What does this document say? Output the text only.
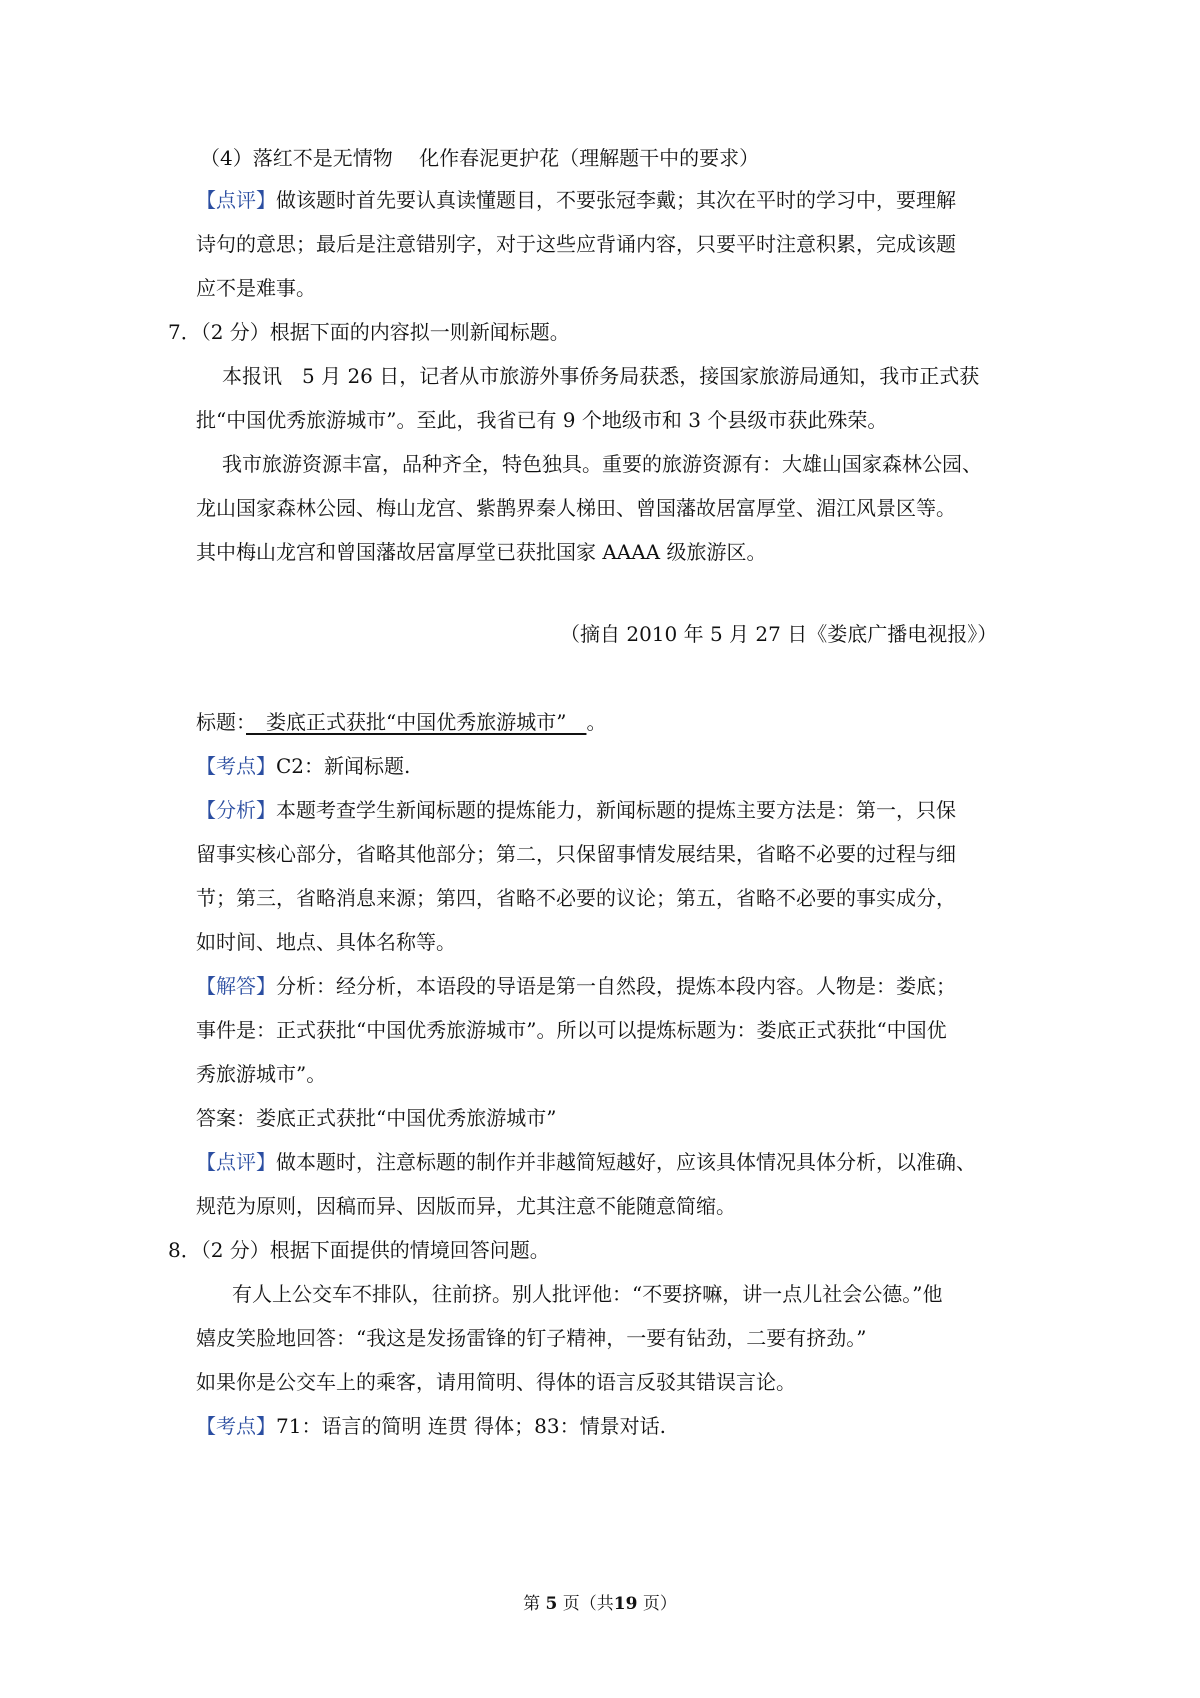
（4）落红不是无情物　 化作春泥更护花（理解题干中的要求）
【点评】做该题时首先要认真读懂题目，不要张冠李戴；其次在平时的学习中，要理解
诗句的意思；最后是注意错别字，对于这些应背诵内容，只要平时注意积累，完成该题
应不是难事。
7．（2 分）根据下面的内容拟一则新闻标题。
本报讯　5 月 26 日，记者从市旅游外事侨务局获悉，接国家旅游局通知，我市正式获
批“中国优秀旅游城市”。至此，我省已有 9 个地级市和 3 个县级市获此殊荣。
我市旅游资源丰富，品种齐全，特色独具。重要的旅游资源有：大雄山国家森林公园、
龙山国家森林公园、梅山龙宫、紫鹊界秦人梯田、曾国藩故居富厚堂、湄江风景区等。
其中梅山龙宫和曾国藩故居富厚堂已获批国家 AAAA 级旅游区。
（摘自 2010 年 5 月 27 日《娄底广播电视报》）
标题：　娄底正式获批“中国优秀旅游城市”　。
【考点】C2：新闻标题.
【分析】本题考查学生新闻标题的提炼能力，新闻标题的提炼主要方法是：第一，只保
留事实核心部分，省略其他部分；第二，只保留事情发展结果，省略不必要的过程与细
节；第三，省略消息来源；第四，省略不必要的议论；第五，省略不必要的事实成分，
如时间、地点、具体名称等。
【解答】分析：经分析，本语段的导语是第一自然段，提炼本段内容。人物是：娄底；
事件是：正式获批“中国优秀旅游城市”。所以可以提炼标题为：娄底正式获批“中国优
秀旅游城市”。
答案：娄底正式获批“中国优秀旅游城市”
【点评】做本题时，注意标题的制作并非越简短越好，应该具体情况具体分析，以准确、
规范为原则，因稿而异、因版而异，尤其注意不能随意简缩。
8．（2 分）根据下面提供的情境回答问题。
有人上公交车不排队，往前挤。别人批评他：“不要挤嘛，讲一点儿社会公德。”他
嬉皮笑脸地回答：“我这是发扬雷锋的钉子精神，一要有钻劲，二要有挤劲。”
如果你是公交车上的乘客，请用简明、得体的语言反驳其错误言论。
【考点】71：语言的简明 连贯 得体；83：情景对话.
第 5 页（共19 页）
